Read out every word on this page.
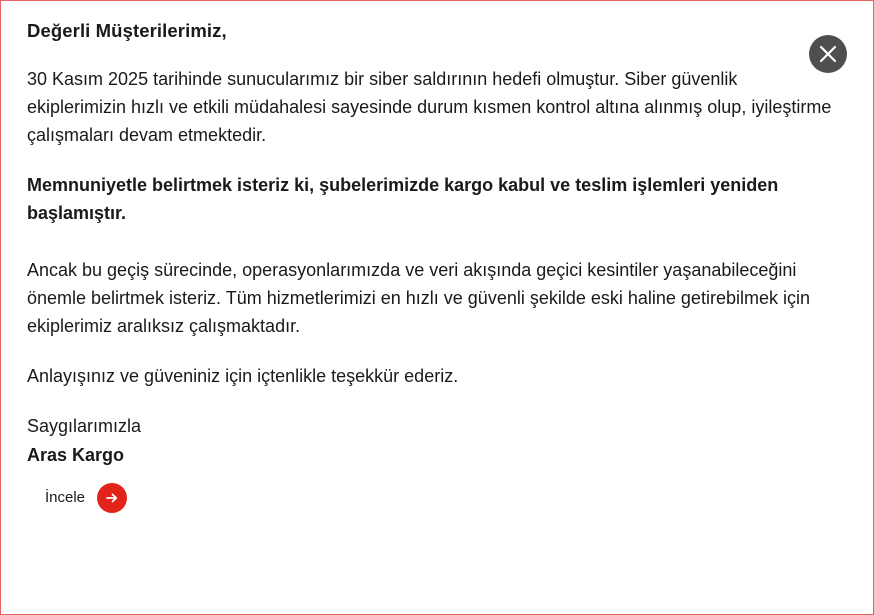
Değerli Müşterilerimiz,

30 Kasım 2025 tarihinde sunucularımız bir siber saldırının hedefi olmuştur. Siber güvenlik ekiplerimizin hızlı ve etkili müdahalesi sayesinde durum kısmen kontrol altına alınmış olup, iyileştirme çalışmaları devam etmektedir.

Memnuniyetle belirtmek isteriz ki, şubelerimizde kargo kabul ve teslim işlemleri yeniden başlamıştır.

Ancak bu geçiş sürecinde, operasyonlarımızda ve veri akışında geçici kesintiler yaşanabileceğini önemle belirtmek isteriz. Tüm hizmetlerimizi en hızlı ve güvenli şekilde eski haline getirebilmek için ekiplerimiz aralıksız çalışmaktadır.

Anlayışınız ve güveniniz için içtenlikle teşekkür ederiz.

Saygılarımızla
Aras Kargo
İncele
